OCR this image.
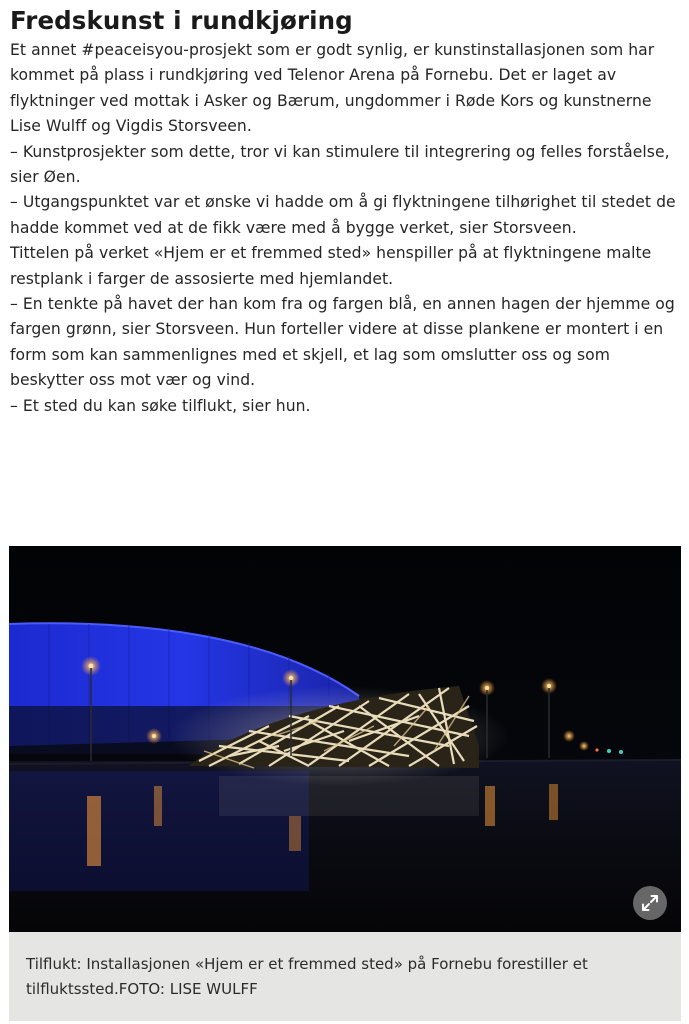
Fredskunst i rundkjøring

Et annet #peaceisyou-prosjekt som er godt synlig, er kunstinstallasjonen som har kommet på plass i rundkjøring ved Telenor Arena på Fornebu. Det er laget av flyktninger ved mottak i Asker og Bærum, ungdommer i Røde Kors og kunstnerne Lise Wulff og Vigdis Storsveen.

– Kunstprosjekter som dette, tror vi kan stimulere til integrering og felles forståelse, sier Øen.

– Utgangspunktet var et ønske vi hadde om å gi flyktningene tilhørighet til stedet de hadde kommet ved at de fikk være med å bygge verket, sier Storsveen.

Tittelen på verket «Hjem er et fremmed sted» henspiller på at flyktningene malte restplank i farger de assosierte med hjemlandet.

– En tenkte på havet der han kom fra og fargen blå, en annen hagen der hjemme og fargen grønn, sier Storsveen. Hun forteller videre at disse plankene er montert i en form som kan sammenlignes med et skjell, et lag som omslutter oss og som beskytter oss mot vær og vind.

– Et sted du kan søke tilflukt, sier hun.

Tilflukt: Installasjonen «Hjem er et fremmed sted» på Fornebu forestiller et tilfluktssted.FOTO: LISE WULFF
